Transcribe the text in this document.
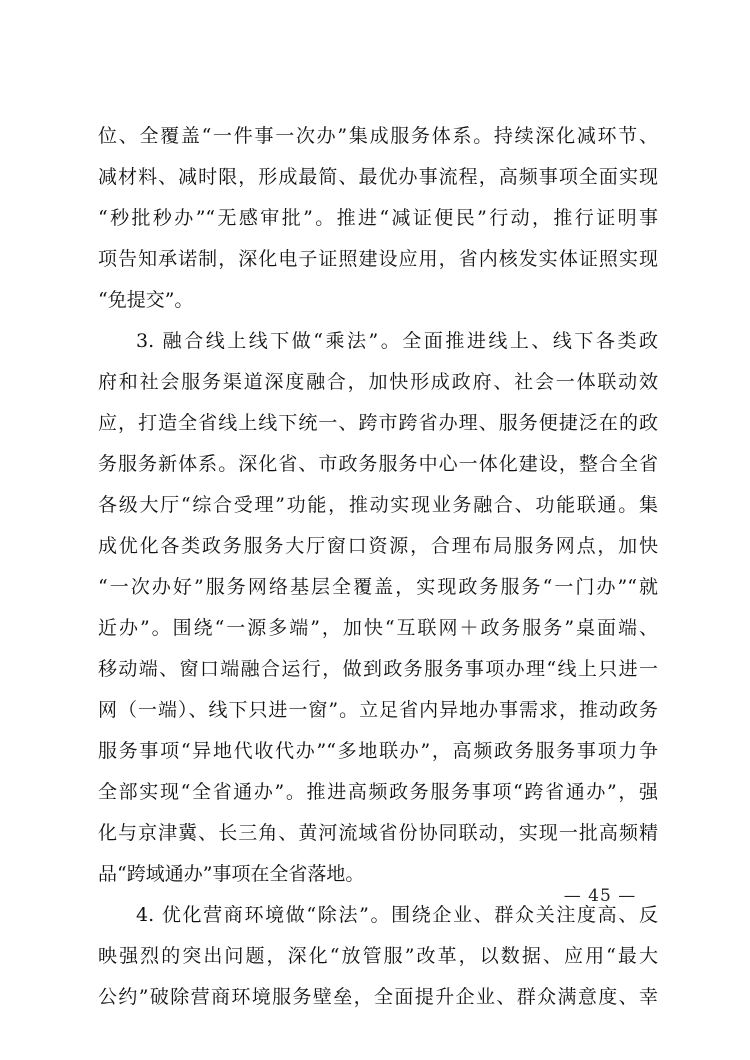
位、全覆盖“一件事一次办”集成服务体系。持续深化减环节、
减材料、减时限，形成最简、最优办事流程，高频事项全面实现
“秒批秒办”“无感审批”。推进“减证便民”行动，推行证明事
项告知承诺制，深化电子证照建设应用，省内核发实体证照实现
“免提交”。
3. 融合线上线下做“乘法”。全面推进线上、线下各类政
府和社会服务渠道深度融合，加快形成政府、社会一体联动效
应，打造全省线上线下统一、跨市跨省办理、服务便捷泛在的政
务服务新体系。深化省、市政务服务中心一体化建设，整合全省
各级大厅“综合受理”功能，推动实现业务融合、功能联通。集
成优化各类政务服务大厅窗口资源，合理布局服务网点，加快
“一次办好”服务网络基层全覆盖，实现政务服务“一门办”“就
近办”。围绕“一源多端”，加快“互联网＋政务服务”桌面端、
移动端、窗口端融合运行，做到政务服务事项办理“线上只进一
网（一端）、线下只进一窗”。立足省内异地办事需求，推动政务
服务事项“异地代收代办”“多地联办”，高频政务服务事项力争
全部实现“全省通办”。推进高频政务服务事项“跨省通办”，强
化与京津冀、长三角、黄河流域省份协同联动，实现一批高频精
品“跨域通办”事项在全省落地。
4. 优化营商环境做“除法”。围绕企业、群众关注度高、反
映强烈的突出问题，深化“放管服”改革，以数据、应用“最大
公约”破除营商环境服务壁垒，全面提升企业、群众满意度、幸
— 45 —
